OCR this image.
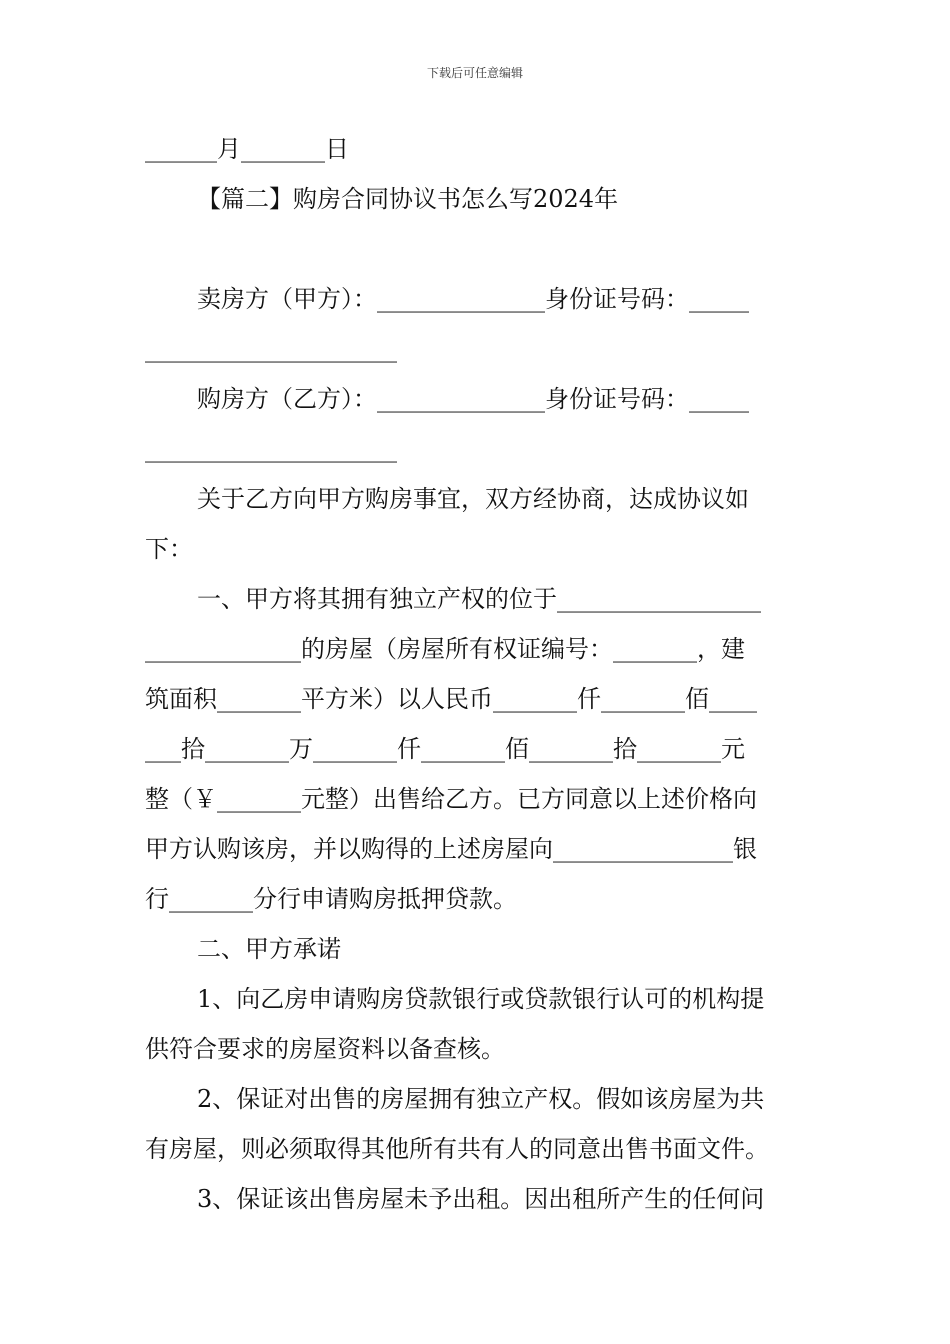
下载后可任意编辑
______月_______日
【篇二】购房合同协议书怎么写2024年
卖房方（甲方）：______________身份证号码：_____
_____________________
购房方（乙方）：______________身份证号码：_____
_____________________
关于乙方向甲方购房事宜，双方经协商，达成协议如
下：
一、甲方将其拥有独立产权的位于_________________
_____________的房屋（房屋所有权证编号：_______，建
筑面积_______平方米）以人民币_______仟_______佰____
___拾_______万_______仟_______佰_______拾_______元
整（￥_______元整）出售给乙方。已方同意以上述价格向
甲方认购该房，并以购得的上述房屋向_______________银
行_______分行申请购房抵押贷款。
二、甲方承诺
1、向乙房申请购房贷款银行或贷款银行认可的机构提
供符合要求的房屋资料以备查核。
2、保证对出售的房屋拥有独立产权。假如该房屋为共
有房屋，则必须取得其他所有共有人的同意出售书面文件。
3、保证该出售房屋未予出租。因出租所产生的任何问
